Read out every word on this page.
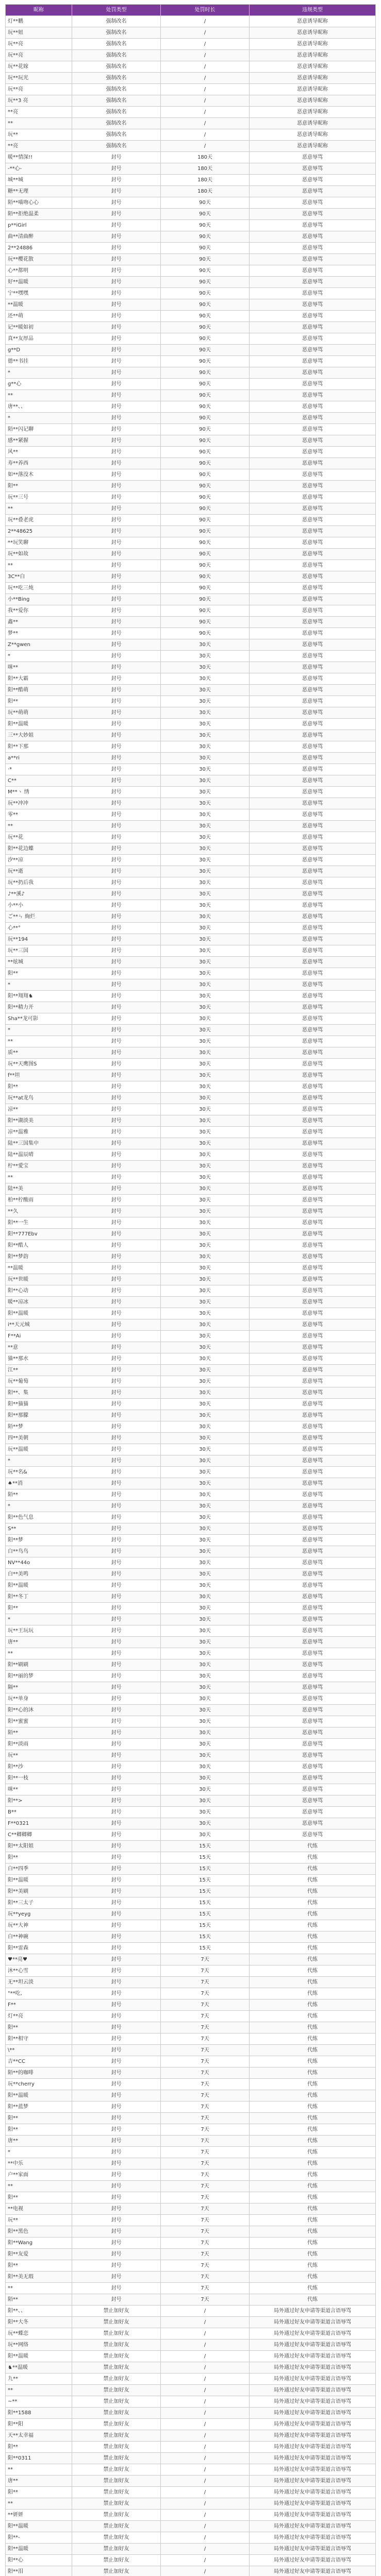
昵称	处罚类型	处罚时长	违规类型
灯**鹏	强制改名	/	恶意诱导昵称
玩**妞	强制改名	/	恶意诱导昵称
玩**亮	强制改名	/	恶意诱导昵称
玩**亮	强制改名	/	恶意诱导昵称
玩**花嫁	强制改名	/	恶意诱导昵称
玩**玩光	强制改名	/	恶意诱导昵称
玩**亮	强制改名	/	恶意诱导昵称
玩**3 亮	强制改名	/	恶意诱导昵称
**亮	强制改名	/	恶意诱导昵称
**	强制改名	/	恶意诱导昵称
玩**	强制改名	/	恶意诱导昵称
**亮	强制改名	/	恶意诱导昵称
暖**情深!!	封号	180天	恶意辱骂
-**心-	封号	180天	恶意辱骂
城**城	封号	180天	恶意辱骂
糖**无理	封号	180天	恶意辱骂
陌**喵吻心心	封号	90天	恶意辱骂
陌**拒绝温柔	封号	90天	恶意辱骂
p**iGirl	封号	90天	恶意辱骂
曲**清曲醉	封号	90天	恶意辱骂
2**24886	封号	90天	恶意辱骂
玩**樱花散	封号	90天	恶意辱骂
心**都明	封号	90天	恶意辱骂
好**温暖	封号	90天	恶意辱骂
宁**嘿嘿	封号	90天	恶意辱骂
**温暖	封号	90天	恶意辱骂
还**萌	封号	90天	恶意辱骂
记**暖如初	封号	90天	恶意辱骂
真**友厚品	封号	90天	恶意辱骂
g**D	封号	90天	恶意辱骂
德**书挂	封号	90天	恶意辱骂
*	封号	90天	恶意辱骂
g**心	封号	90天	恶意辱骂
**	封号	90天	恶意辱骂
唐**、、	封号	90天	恶意辱骂
*	封号	90天	恶意辱骂
陌**闪记聊	封号	90天	恶意辱骂
感**紧握	封号	90天	恶意辱骂
风**	封号	90天	恶意辱骂
寿**养西	封号	90天	恶意辱骂
如**落没木	封号	90天	恶意辱骂
阳**	封号	90天	恶意辱骂
玩**三号	封号	90天	恶意辱骂
**	封号	90天	恶意辱骂
玩**叠老虎	封号	90天	恶意辱骂
2**48625	封号	90天	恶意辱骂
**玩笑聊	封号	90天	恶意辱骂
玩**如故	封号	90天	恶意辱骂
**	封号	90天	恶意辱骂
3C**白	封号	90天	恶意辱骂
玩**吃三炖	封号	90天	恶意辱骂
小**Bing	封号	90天	恶意辱骂
我**爱你	封号	90天	恶意辱骂
鑫**	封号	90天	恶意辱骂
梦**	封号	90天	恶意辱骂
Z**gwen	封号	30天	恶意辱骂
*	封号	30天	恶意辱骂
咪**	封号	30天	恶意辱骂
阳**大霸	封号	30天	恶意辱骂
阳**酷萌	封号	30天	恶意辱骂
阳**	封号	30天	恶意辱骂
玩**萌萌	封号	30天	恶意辱骂
阳**温暖	封号	30天	恶意辱骂
三**大妙姐	封号	30天	恶意辱骂
阳**下那	封号	30天	恶意辱骂
a**ri	封号	30天	恶意辱骂
·*	封号	30天	恶意辱骂
C**	封号	30天	恶意辱骂
M**ヽ 绣	封号	30天	恶意辱骂
玩**冲冲	封号	30天	恶意辱骂
零**	封号	30天	恶意辱骂
**	封号	30天	恶意辱骂
玩**花	封号	30天	恶意辱骂
阳**花边蝶	封号	30天	恶意辱骂
汐**凉	封号	30天	恶意辱骂
玩**逝	封号	30天	恶意辱骂
玩**扔后我	封号	30天	恶意辱骂
♪**溪♪	封号	30天	恶意辱骂
小**小	封号	30天	恶意辱骂
ご**ㄣ 絢烂	封号	30天	恶意辱骂
心**°	封号	30天	恶意辱骂
玩**194	封号	30天	恶意辱骂
玩**三国	封号	30天	恶意辱骂
**炫城	封号	30天	恶意辱骂
阳**	封号	30天	恶意辱骂
*	封号	30天	恶意辱骂
阳**翔翔♞	封号	30天	恶意辱骂
阳**精力开	封号	30天	恶意辱骂
Sha**龙可影	封号	30天	恶意辱骂
*	封号	30天	恶意辱骂
**	封号	30天	恶意辱骂
质**	封号	30天	恶意辱骂
玩**天鹰图S	封号	30天	恶意辱骂
f**坦	封号	30天	恶意辱骂
阳**	封号	30天	恶意辱骂
玩**at龙鸟	封号	30天	恶意辱骂
凉**	封号	30天	恶意辱骂
阳**湖淡美	封号	30天	恶意辱骂
凉**温雅	封号	30天	恶意辱骂
陆**三国集中	封号	30天	恶意辱骂
陆**温辰晴	封号	30天	恶意辱骂
柠**愛宝	封号	30天	恶意辱骂
**	封号	30天	恶意辱骂
陆**美	封号	30天	恶意辱骂
柏**柠酸雨	封号	30天	恶意辱骂
**久	封号	30天	恶意辱骂
阳**一生	封号	30天	恶意辱骂
阳**777Ebv	封号	30天	恶意辱骂
阳**酷人	封号	30天	恶意辱骂
阳**梦韵	封号	30天	恶意辱骂
**温暖	封号	30天	恶意辱骂
玩**世暖	封号	30天	恶意辱骂
阳**心动	封号	30天	恶意辱骂
暖**凉冰	封号	30天	恶意辱骂
阳**温暖	封号	30天	恶意辱骂
i**天元城	封号	30天	恶意辱骂
F**Ai	封号	30天	恶意辱骂
**意	封号	30天	恶意辱骂
猫**那水	封号	30天	恶意辱骂
江**	封号	30天	恶意辱骂
玩**葡萄	封号	30天	恶意辱骂
阳**、集	封号	30天	恶意辱骂
阳**猫猫	封号	30天	恶意辱骂
阳**那朦	封号	30天	恶意辱骂
陌**梦	封号	30天	恶意辱骂
四**美朝	封号	30天	恶意辱骂
玩**温暖	封号	30天	恶意辱骂
*	封号	30天	恶意辱骂
玩**名&	封号	30天	恶意辱骂
♠**消	封号	30天	恶意辱骂
陌**	封号	30天	恶意辱骂
*	封号	30天	恶意辱骂
阳**色气息	封号	30天	恶意辱骂
S**	封号	30天	恶意辱骂
阳**梦	封号	30天	恶意辱骂
白**鸟鸟	封号	30天	恶意辱骂
NV**44o	封号	30天	恶意辱骂
白**美鸣	封号	30天	恶意辱骂
阳**温暖	封号	30天	恶意辱骂
阳**冬丁	封号	30天	恶意辱骂
阳**	封号	30天	恶意辱骂
*	封号	30天	恶意辱骂
玩**王玩玩	封号	30天	恶意辱骂
唐**	封号	30天	恶意辱骂
**	封号	30天	恶意辱骂
阳**刷刷	封号	30天	恶意辱骂
阳**丽的梦	封号	30天	恶意辱骂
隔**	封号	30天	恶意辱骂
玩**单身	封号	30天	恶意辱骂
阳**心的沐	封号	30天	恶意辱骂
阳**蜜蜜	封号	30天	恶意辱骂
陌**	封号	30天	恶意辱骂
阳**淡雨	封号	30天	恶意辱骂
玩**	封号	30天	恶意辱骂
阳**沙	封号	30天	恶意辱骂
阳**一枝	封号	30天	恶意辱骂
咪**	封号	30天	恶意辱骂
阳**>	封号	30天	恶意辱骂
B**	封号	30天	恶意辱骂
F**0321	封号	30天	恶意辱骂
C**卿卿卿	封号	30天	恶意辱骂
阳**太阳姐	封号	15天	代练
阳**	封号	15天	代练
白**四季	封号	15天	代练
阳**温暖	封号	15天	代练
阳**美刷	封号	15天	代练
阳**三太子	封号	15天	代练
玩**yeyg	封号	15天	代练
玩**大神	封号	15天	代练
白**神碗	封号	15天	代练
阳**雷森	封号	15天	代练
♥**亮♥	封号	7天	代练
沐**心雪	封号	7天	代练
无**坦云淡	封号	7天	代练
"**吃,	封号	7天	代练
F**	封号	7天	代练
灯**亮	封号	7天	代练
阳**	封号	7天	代练
阳**相守	封号	7天	代练
\**	封号	7天	代练
吉**CC	封号	7天	代练
陌**的咖啡	封号	7天	代练
玩**cherry	封号	7天	代练
阳**温暖	封号	7天	代练
阳**蓝梦	封号	7天	代练
阳**	封号	7天	代练
阳**	封号	7天	代练
唐**	封号	7天	代练
*	封号	7天	代练
**中乐	封号	7天	代练
户**家面	封号	7天	代练
**	封号	7天	代练
阳**	封号	7天	代练
**电视	封号	7天	代练
玩**	封号	7天	代练
阳**黑色	封号	7天	代练
阳**Wang	封号	7天	代练
阳**友爱	封号	7天	代练
阳**	封号	7天	代练
阳**美无瑕	封号	7天	代练
**	封号	7天	代练
陌**	封号	7天	代练
阳**、、	禁止加好友	/	局外通过好友申请等渠道言语辱骂
阳**大冬	禁止加好友	/	局外通过好友申请等渠道言语辱骂
玩**蝶恋	禁止加好友	/	局外通过好友申请等渠道言语辱骂
玩**网络	禁止加好友	/	局外通过好友申请等渠道言语辱骂
阳**温暖	禁止加好友	/	局外通过好友申请等渠道言语辱骂
♞**温暖	禁止加好友	/	局外通过好友申请等渠道言语辱骂
九**	禁止加好友	/	局外通过好友申请等渠道言语辱骂
**	禁止加好友	/	局外通过好友申请等渠道言语辱骂
~**	禁止加好友	/	局外通过好友申请等渠道言语辱骂
阳**1588	禁止加好友	/	局外通过好友申请等渠道言语辱骂
阳**阳	禁止加好友	/	局外通过好友申请等渠道言语辱骂
天**太幸福	禁止加好友	/	局外通过好友申请等渠道言语辱骂
阳**	禁止加好友	/	局外通过好友申请等渠道言语辱骂
阳**0311	禁止加好友	/	局外通过好友申请等渠道言语辱骂
**	禁止加好友	/	局外通过好友申请等渠道言语辱骂
唐**	禁止加好友	/	局外通过好友申请等渠道言语辱骂
阳**	禁止加好友	/	局外通过好友申请等渠道言语辱骂
**	禁止加好友	/	局外通过好友申请等渠道言语辱骂
**妍妍	禁止加好友	/	局外通过好友申请等渠道言语辱骂
阳**温暖	禁止加好友	/	局外通过好友申请等渠道言语辱骂
阳**-	禁止加好友	/	局外通过好友申请等渠道言语辱骂
阳**温暖	禁止加好友	/	局外通过好友申请等渠道言语辱骂
阳**心	禁止加好友	/	局外通过好友申请等渠道言语辱骂
阳**泪	禁止加好友	/	局外通过好友申请等渠道言语辱骂
